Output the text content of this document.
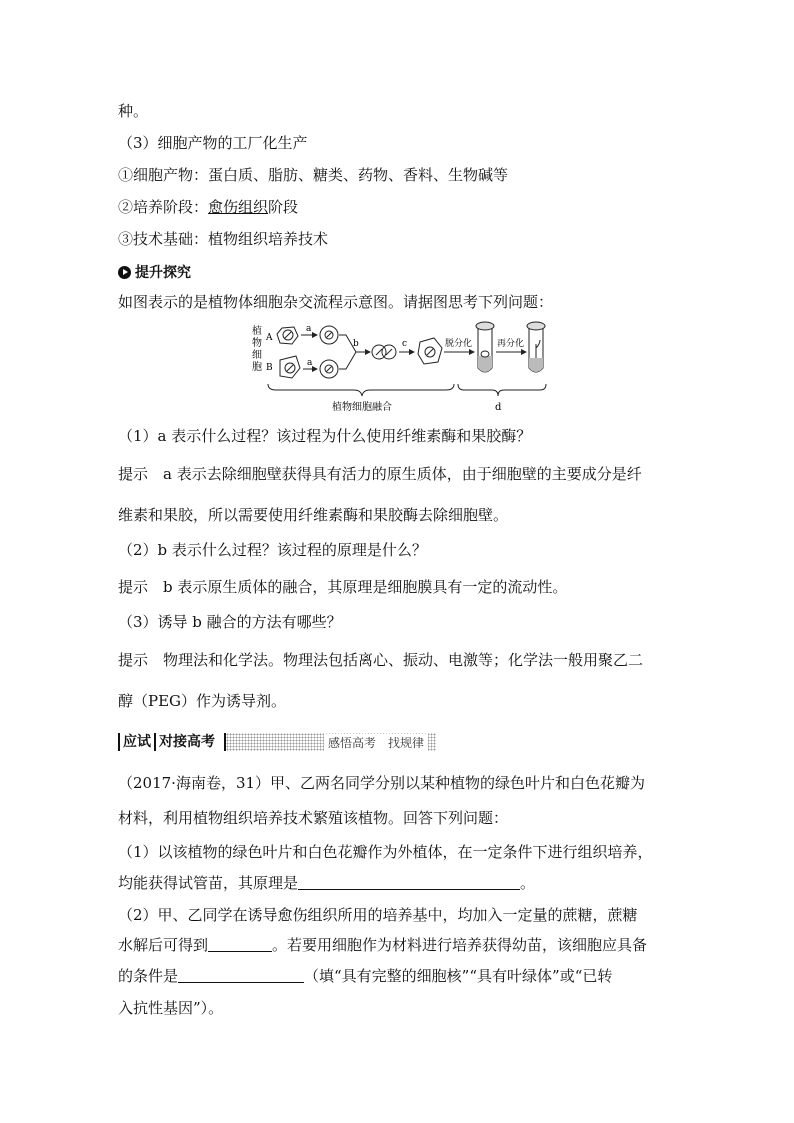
种。
（3）细胞产物的工厂化生产
①细胞产物：蛋白质、脂肪、糖类、药物、香料、生物碱等
②培养阶段：愈伤组织阶段
③技术基础：植物组织培养技术
提升探究
如图表示的是植物体细胞杂交流程示意图。请据图思考下列问题：
植
物
细
胞
A
B
a
a
b	c	脱分化	再分化
植物细胞融合	d
（1）a 表示什么过程？该过程为什么使用纤维素酶和果胶酶？
提示　a 表示去除细胞壁获得具有活力的原生质体，由于细胞壁的主要成分是纤
维素和果胶，所以需要使用纤维素酶和果胶酶去除细胞壁。
（2）b 表示什么过程？该过程的原理是什么？
提示　b 表示原生质体的融合，其原理是细胞膜具有一定的流动性。
（3）诱导 b 融合的方法有哪些？
提示　物理法和化学法。物理法包括离心、振动、电激等；化学法一般用聚乙二
醇（PEG）作为诱导剂。
应试 对接高考	感悟高考　找规律
（2017·海南卷，31）甲、乙两名同学分别以某种植物的绿色叶片和白色花瓣为
材料，利用植物组织培养技术繁殖该植物。回答下列问题：
（1）以该植物的绿色叶片和白色花瓣作为外植体，在一定条件下进行组织培养，
均能获得试管苗，其原理是	。
（2）甲、乙同学在诱导愈伤组织所用的培养基中，均加入一定量的蔗糖，蔗糖
水解后可得到	。若要用细胞作为材料进行培养获得幼苗，该细胞应具备
的条件是	（填“具有完整的细胞核”“具有叶绿体”或“已转
入抗性基因”）。
